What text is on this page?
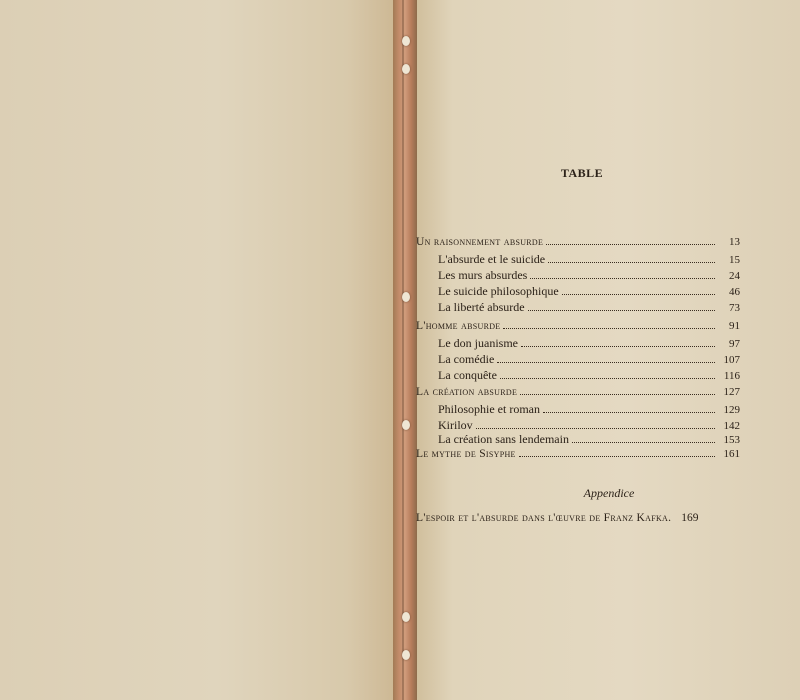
TABLE
Un raisonnement absurde	13
L'absurde et le suicide	15
Les murs absurdes	24
Le suicide philosophique	46
La liberté absurde	73
L'homme absurde	91
Le don juanisme	97
La comédie	107
La conquête	116
La création absurde	127
Philosophie et roman	129
Kirilov	142
La création sans lendemain	153
Le mythe de Sisyphe	161
Appendice
L'espoir et l'absurde dans l'œuvre de Franz Kafka. 169
